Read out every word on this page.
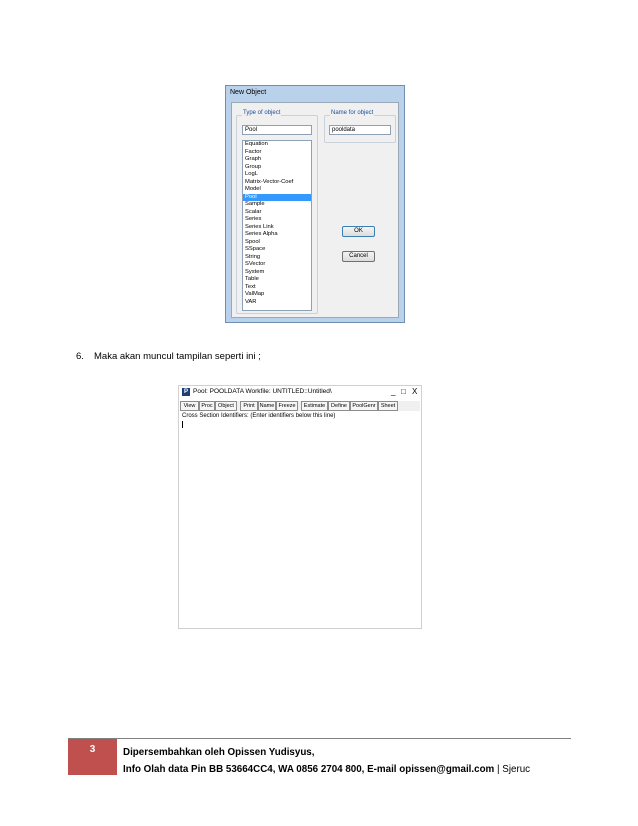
New Object
Type of object
Pool
Equation
Factor
Graph
Group
LogL
Matrix-Vector-Coef
Model
Pool
Sample
Scalar
Series
Series Link
Series Alpha
Spool
SSpace
String
SVector
System
Table
Text
ValMap
VAR
Name for object
pooldata
OK
Cancel
6. Maka akan muncul tampilan seperti ini ;
P Pool: POOLDATA Workfile: UNTITLED::Untitled\	_ □ X
View	Proc Object	Print Name Freeze	Estimate	Define PoolGenr Sheet
Cross Section Identifiers: (Enter identifiers below this line)
3	Dipersembahkan oleh Opissen Yudisyus,
Info Olah data Pin BB 53664CC4, WA 0856 2704 800, E-mail opissen@gmail.com | Sjeruc
